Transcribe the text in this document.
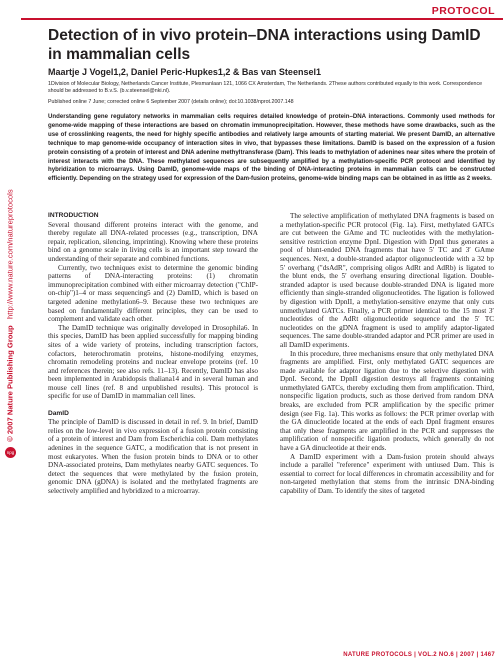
PROTOCOL
npg © 2007 Nature Publishing Group   http://www.nature.com/natureprotocols
Detection of in vivo protein–DNA interactions using DamID in mammalian cells
Maartje J Vogel1,2, Daniel Peric-Hupkes1,2 & Bas van Steensel1
1Division of Molecular Biology, Netherlands Cancer Institute, Plesmanlaan 121, 1066 CX Amsterdam, The Netherlands. 2These authors contributed equally to this work. Correspondence should be addressed to B.v.S. (b.v.steensel@nki.nl).
Published online 7 June; corrected online 6 September 2007 (details online); doi:10.1038/nprot.2007.148
Understanding gene regulatory networks in mammalian cells requires detailed knowledge of protein–DNA interactions. Commonly used methods for genome-wide mapping of these interactions are based on chromatin immunoprecipitation. However, these methods have some drawbacks, such as the use of crosslinking reagents, the need for highly specific antibodies and relatively large amounts of starting material. We present DamID, an alternative technique to map genome-wide occupancy of interaction sites in vivo, that bypasses these limitations. DamID is based on the expression of a fusion protein consisting of a protein of interest and DNA adenine methyltransferase (Dam). This leads to methylation of adenines near sites where the protein of interest interacts with the DNA. These methylated sequences are subsequently amplified by a methylation-specific PCR protocol and identified by hybridization to microarrays. Using DamID, genome-wide maps of the binding of DNA-interacting proteins in mammalian cells can be constructed efficiently. Depending on the strategy used for expression of the Dam-fusion proteins, genome-wide binding maps can be obtained in as little as 2 weeks.
INTRODUCTION

Several thousand different proteins interact with the genome, and thereby regulate all DNA-related processes (e.g., transcription, DNA repair, replication, silencing, imprinting). Knowing where these proteins bind on a genome scale in living cells is an important step toward the understanding of their separate and combined functions.

Currently, two techniques exist to determine the genomic binding patterns of DNA-interacting proteins: (1) chromatin immunoprecipitation combined with either microarray detection ("ChIP-on-chip")1–4 or mass sequencing5 and (2) DamID, which is based on targeted adenine methylation6–9. Because these two techniques are based on fundamentally different principles, they can be used to complement and validate each other.

The DamID technique was originally developed in Drosophila6. In this species, DamID has been applied successfully for mapping binding sites of a wide variety of proteins, including transcription factors, cofactors, heterochromatin proteins, histone-modifying enzymes, chromatin remodeling proteins and nuclear envelope proteins (ref. 10 and references therein; see also refs. 11–13). Recently, DamID has also been implemented in Arabidopsis thaliana14 and in several human and mouse cell lines (ref. 8 and unpublished results). This protocol is specific for use of DamID in mammalian cell lines.

DamID

The principle of DamID is discussed in detail in ref. 9. In brief, DamID relies on the low-level in vivo expression of a fusion protein consisting of a protein of interest and Dam from Escherichia coli. Dam methylates adenines in the sequence GATC, a modification that is not present in most eukaryotes. When the fusion protein binds to DNA or to other DNA-associated proteins, Dam methylates nearby GATC sequences. To detect the sequences that were methylated by the fusion protein, genomic DNA (gDNA) is isolated and the methylated fragments are selectively amplified and hybridized to a microarray.

The selective amplification of methylated DNA fragments is based on a methylation-specific PCR protocol (Fig. 1a). First, methylated GATCs are cut between the GAme and TC nucleotides with the methylation-sensitive restriction enzyme DpnI. Digestion with DpnI thus generates a pool of blunt-ended DNA fragments that have 5′ TC and 3′ GAme sequences. Next, a double-stranded adaptor oligonucleotide with a 32 bp 5′ overhang ("dsAdR", comprising oligos AdRt and AdRb) is ligated to the blunt ends, the 5′ overhang ensuring directional ligation. Double-stranded adaptor is used because double-stranded DNA is ligated more efficiently than single-stranded oligonucleotides. The ligation is followed by digestion with DpnII, a methylation-sensitive enzyme that only cuts unmethylated GATCs. Finally, a PCR primer identical to the 15 most 3′ nucleotides of the AdRt oligonucleotide sequence and the 5′ TC nucleotides on the gDNA fragment is used to amplify adaptor-ligated sequences. The same double-stranded adaptor and PCR primer are used in all DamID experiments.

In this procedure, three mechanisms ensure that only methylated DNA fragments are amplified. First, only methylated GATC sequences are made available for adaptor ligation due to the selective digestion with DpnI. Second, the DpnII digestion destroys all fragments containing unmethylated GATCs, thereby excluding them from amplification. Third, nonspecific ligation products, such as those derived from random DNA breaks, are excluded from PCR amplification by the specific primer design (see Fig. 1a). This works as follows: the PCR primer overlap with the GA dinucleotide located at the ends of each DpnI fragment ensures that only these fragments are amplified in the PCR and suppresses the amplification of nonspecific ligation products, which generally do not have a GA dinucleotide at their ends.

A DamID experiment with a Dam-fusion protein should always include a parallel "reference" experiment with untiused Dam. This is essential to correct for local differences in chromatin accessibility and for non-targeted methylation that stems from the intrinsic DNA-binding capability of Dam. To identify the sites of targeted

NATURE PROTOCOLS | VOL.2 NO.6 | 2007 | 1467
